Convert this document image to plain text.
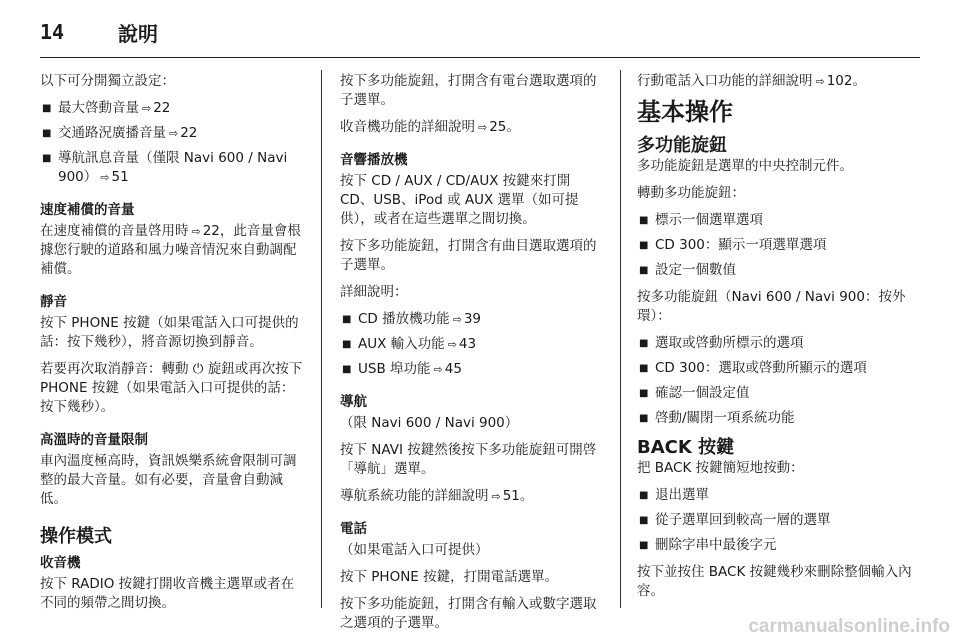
14	說明

以下可分開獨立設定：

■ 最大啓動音量 ⇨ 22
■ 交通路況廣播音量 ⇨ 22
■ 導航訊息音量（僅限 Navi 600 / Navi 900） ⇨ 51
速度補償的音量

在速度補償的音量啓用時 ⇨ 22，此音量會根據您行駛的道路和風力噪音情況來自動調配補償。

靜音

按下 PHONE 按鍵（如果電話入口可提供的話：按下幾秒），將音源切換到靜音。

若要再次取消靜音：轉動 ⏻ 旋鈕或再次按下 PHONE 按鍵（如果電話入口可提供的話：按下幾秒）。

高溫時的音量限制

車內溫度極高時，資訊娛樂系統會限制可調整的最大音量。如有必要，音量會自動減低。

操作模式
收音機

按下 RADIO 按鍵打開收音機主選單或者在不同的頻帶之間切換。

按下多功能旋鈕，打開含有電台選取選項的子選單。

收音機功能的詳細說明 ⇨ 25。

音響播放機

按下 CD / AUX / CD/AUX 按鍵來打開 CD、USB、iPod 或 AUX 選單（如可提供），或者在這些選單之間切換。

按下多功能旋鈕，打開含有曲目選取選項的子選單。

詳細說明：

■ CD 播放機功能 ⇨ 39
■ AUX 輸入功能 ⇨ 43
■ USB 埠功能 ⇨ 45
導航

（限 Navi 600 / Navi 900）

按下 NAVI 按鍵然後按下多功能旋鈕可開啓「導航」選單。

導航系統功能的詳細說明 ⇨ 51。

電話

（如果電話入口可提供）

按下 PHONE 按鍵，打開電話選單。

按下多功能旋鈕，打開含有輸入或數字選取之選項的子選單。

行動電話入口功能的詳細說明 ⇨ 102。

基本操作
多功能旋鈕

多功能旋鈕是選單的中央控制元件。

轉動多功能旋鈕：

■ 標示一個選單選項
■ CD 300：顯示一項選單選項
■ 設定一個數值

按多功能旋鈕（Navi 600 / Navi 900：按外環）：

■ 選取或啓動所標示的選項
■ CD 300：選取或啓動所顯示的選項
■ 確認一個設定值
■ 啓動/關閉一項系統功能
BACK 按鍵

把 BACK 按鍵簡短地按動：

■ 退出選單
■ 從子選單回到較高一層的選單
■ 刪除字串中最後字元

按下並按住 BACK 按鍵幾秒來刪除整個輸入內容。

carmanualsonline.info
